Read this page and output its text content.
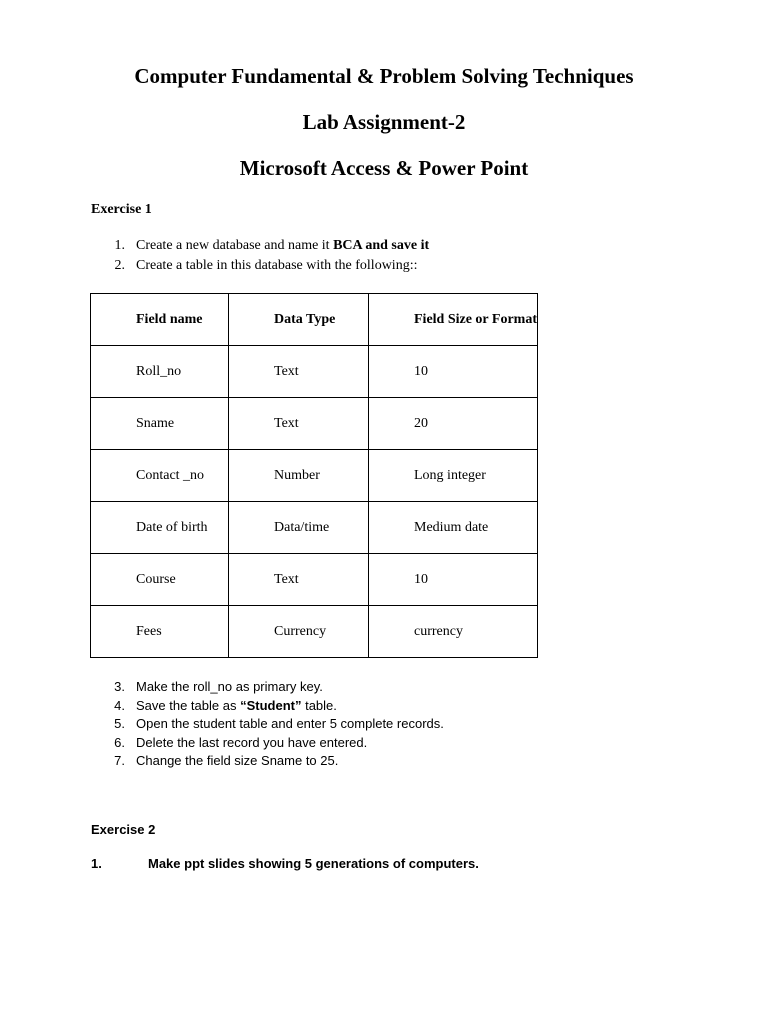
Computer Fundamental & Problem Solving Techniques
Lab Assignment-2
Microsoft Access & Power Point

Exercise 1

1. Create a new database and name it BCA and save it
2. Create a table in this database with the following::
Field name	Data Type	Field Size or Format
Roll_no	Text	10
Sname	Text	20
Contact _no	Number	Long integer
Date of birth	Data/time	Medium date
Course	Text	10
Fees	Currency	currency
3. Make the roll_no as primary key.
4. Save the table as “Student” table.
5. Open the student table and enter 5 complete records.
6. Delete the last record you have entered.
7. Change the field size Sname to 25.

Exercise 2

1.	Make ppt slides showing 5 generations of computers.
